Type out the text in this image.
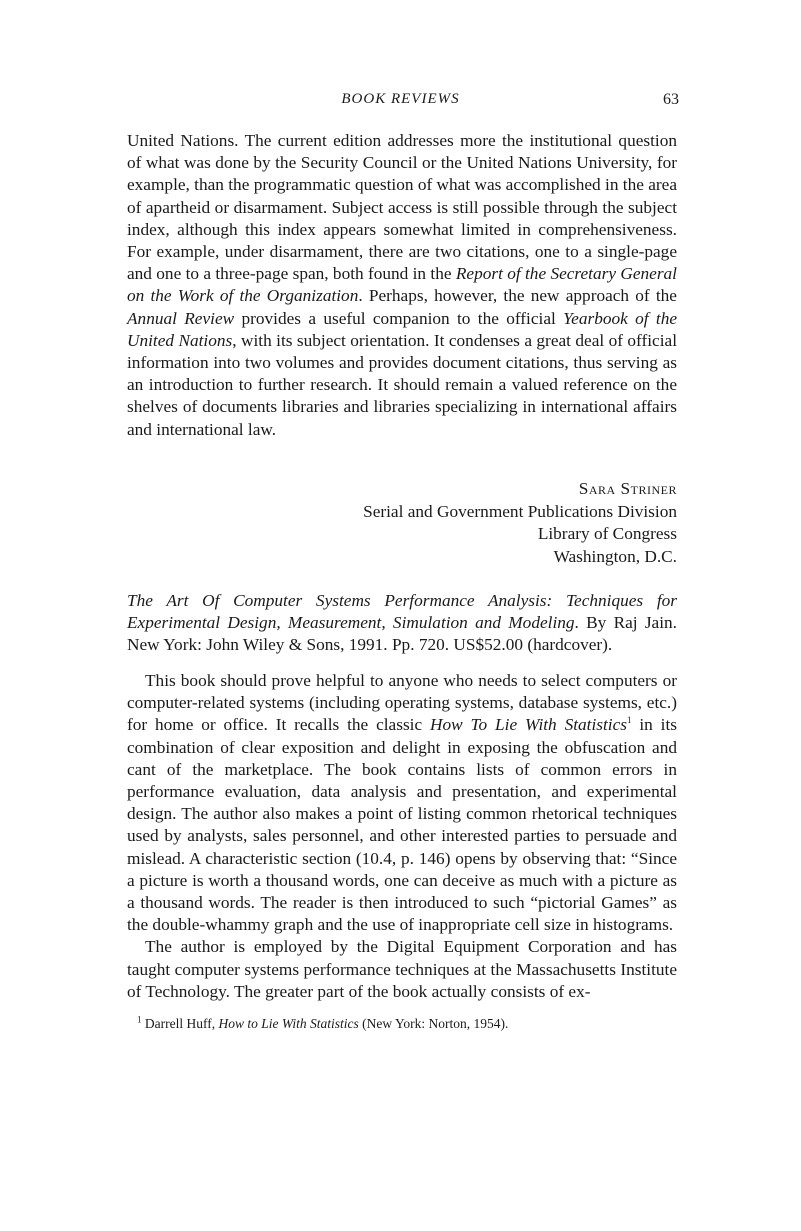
BOOK REVIEWS	63

United Nations. The current edition addresses more the institutional question of what was done by the Security Council or the United Nations University, for example, than the programmatic question of what was accomplished in the area of apartheid or disarmament. Subject access is still possible through the subject index, although this index appears somewhat limited in comprehensiveness. For example, under disarmament, there are two citations, one to a single-page and one to a three-page span, both found in the Report of the Secretary General on the Work of the Organization. Perhaps, however, the new approach of the Annual Review provides a useful companion to the official Yearbook of the United Nations, with its subject orientation. It condenses a great deal of official information into two volumes and provides document citations, thus serving as an introduction to further research. It should remain a valued reference on the shelves of documents libraries and libraries specializing in international affairs and international law.

Sara Striner
Serial and Government Publications Division
Library of Congress
Washington, D.C.

The Art Of Computer Systems Performance Analysis: Techniques for Experimental Design, Measurement, Simulation and Modeling. By Raj Jain. New York: John Wiley & Sons, 1991. Pp. 720. US$52.00 (hardcover).

This book should prove helpful to anyone who needs to select computers or computer-related systems (including operating systems, database systems, etc.) for home or office. It recalls the classic How To Lie With Statistics$^1$ in its combination of clear exposition and delight in exposing the obfuscation and cant of the marketplace. The book contains lists of common errors in performance evaluation, data analysis and presentation, and experimental design. The author also makes a point of listing common rhetorical techniques used by analysts, sales personnel, and other interested parties to persuade and mislead. A characteristic section (10.4, p. 146) opens by observing that: “Since a picture is worth a thousand words, one can deceive as much with a picture as a thousand words. The reader is then introduced to such “pictorial Games” as the double-whammy graph and the use of inappropriate cell size in histograms.

The author is employed by the Digital Equipment Corporation and has taught computer systems performance techniques at the Massachusetts Institute of Technology. The greater part of the book actually consists of ex-

$^1$ Darrell Huff, How to Lie With Statistics (New York: Norton, 1954).
